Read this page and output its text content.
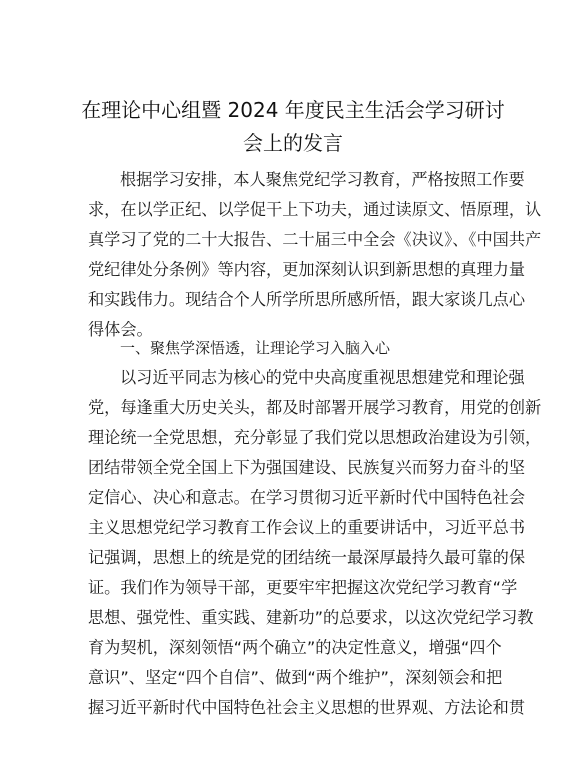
在理论中心组暨 2024 年度民主生活会学习研讨
会上的发言
根据学习安排，本人聚焦党纪学习教育，严格按照工作要
求，在以学正纪、以学促干上下功夫，通过读原文、悟原理，认
真学习了党的二十大报告、二十届三中全会《决议》、《中国共产
党纪律处分条例》等内容，更加深刻认识到新思想的真理力量
和实践伟力。现结合个人所学所思所感所悟，跟大家谈几点心
得体会。
一、聚焦学深悟透，让理论学习入脑入心
以习近平同志为核心的党中央高度重视思想建党和理论强
党，每逢重大历史关头，都及时部署开展学习教育，用党的创新
理论统一全党思想，充分彰显了我们党以思想政治建设为引领，
团结带领全党全国上下为强国建设、民族复兴而努力奋斗的坚
定信心、决心和意志。在学习贯彻习近平新时代中国特色社会
主义思想党纪学习教育工作会议上的重要讲话中，习近平总书
记强调，思想上的统是党的团结统一最深厚最持久最可靠的保
证。我们作为领导干部，更要牢牢把握这次党纪学习教育“学
思想、强党性、重实践、建新功”的总要求，以这次党纪学习教
育为契机，深刻领悟“两个确立”的决定性意义，增强“四个
意识”、坚定“四个自信”、做到“两个维护”，深刻领会和把
握习近平新时代中国特色社会主义思想的世界观、方法论和贯
